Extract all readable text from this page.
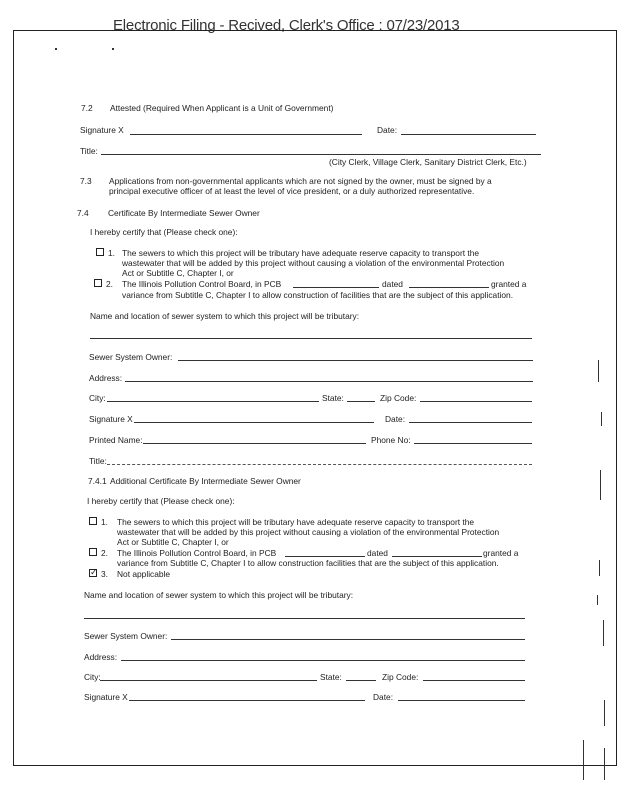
Electronic Filing - Recived, Clerk's Office : 07/23/2013
7.2 Attested (Required When Applicant is a Unit of Government)
Signature X	Date:
Title:
(City Clerk, Village Clerk, Sanitary District Clerk, Etc.)
7.3 Applications from non-governmental applicants which are not signed by the owner, must be signed by a
principal executive officer of at least the level of vice president, or a duly authorized representative.
7.4 Certificate By Intermediate Sewer Owner
I hereby certify that (Please check one):
1. The sewers to which this project will be tributary have adequate reserve capacity to transport the
wastewater that will be added by this project without causing a violation of the environmental Protection
Act or Subtitle C, Chapter I, or
2. The Illinois Pollution Control Board, in PCB	dated	granted a
variance from Subtitle C, Chapter I to allow construction of facilities that are the subject of this application.
Name and location of sewer system to which this project will be tributary:
Sewer System Owner:
Address:
City:	State:	Zip Code:
Signature X	Date:
Printed Name:	Phone No:
Title:
7.4.1 Additional Certificate By Intermediate Sewer Owner
I hereby certify that (Please check one):
1. The sewers to which this project will be tributary have adequate reserve capacity to transport the
wastewater that will be added by this project without causing a violation of the environmental Protection
Act or Subtitle C, Chapter I, or
2. The Illinois Pollution Control Board, in PCB	dated	granted a
variance from Subtitle C, Chapter I to allow construction facilities that are the subject of this application.
✓
3. Not applicable
Name and location of sewer system to which this project will be tributary:
Sewer System Owner:
Address:
City:	State:	Zip Code:
Signature X	Date:
